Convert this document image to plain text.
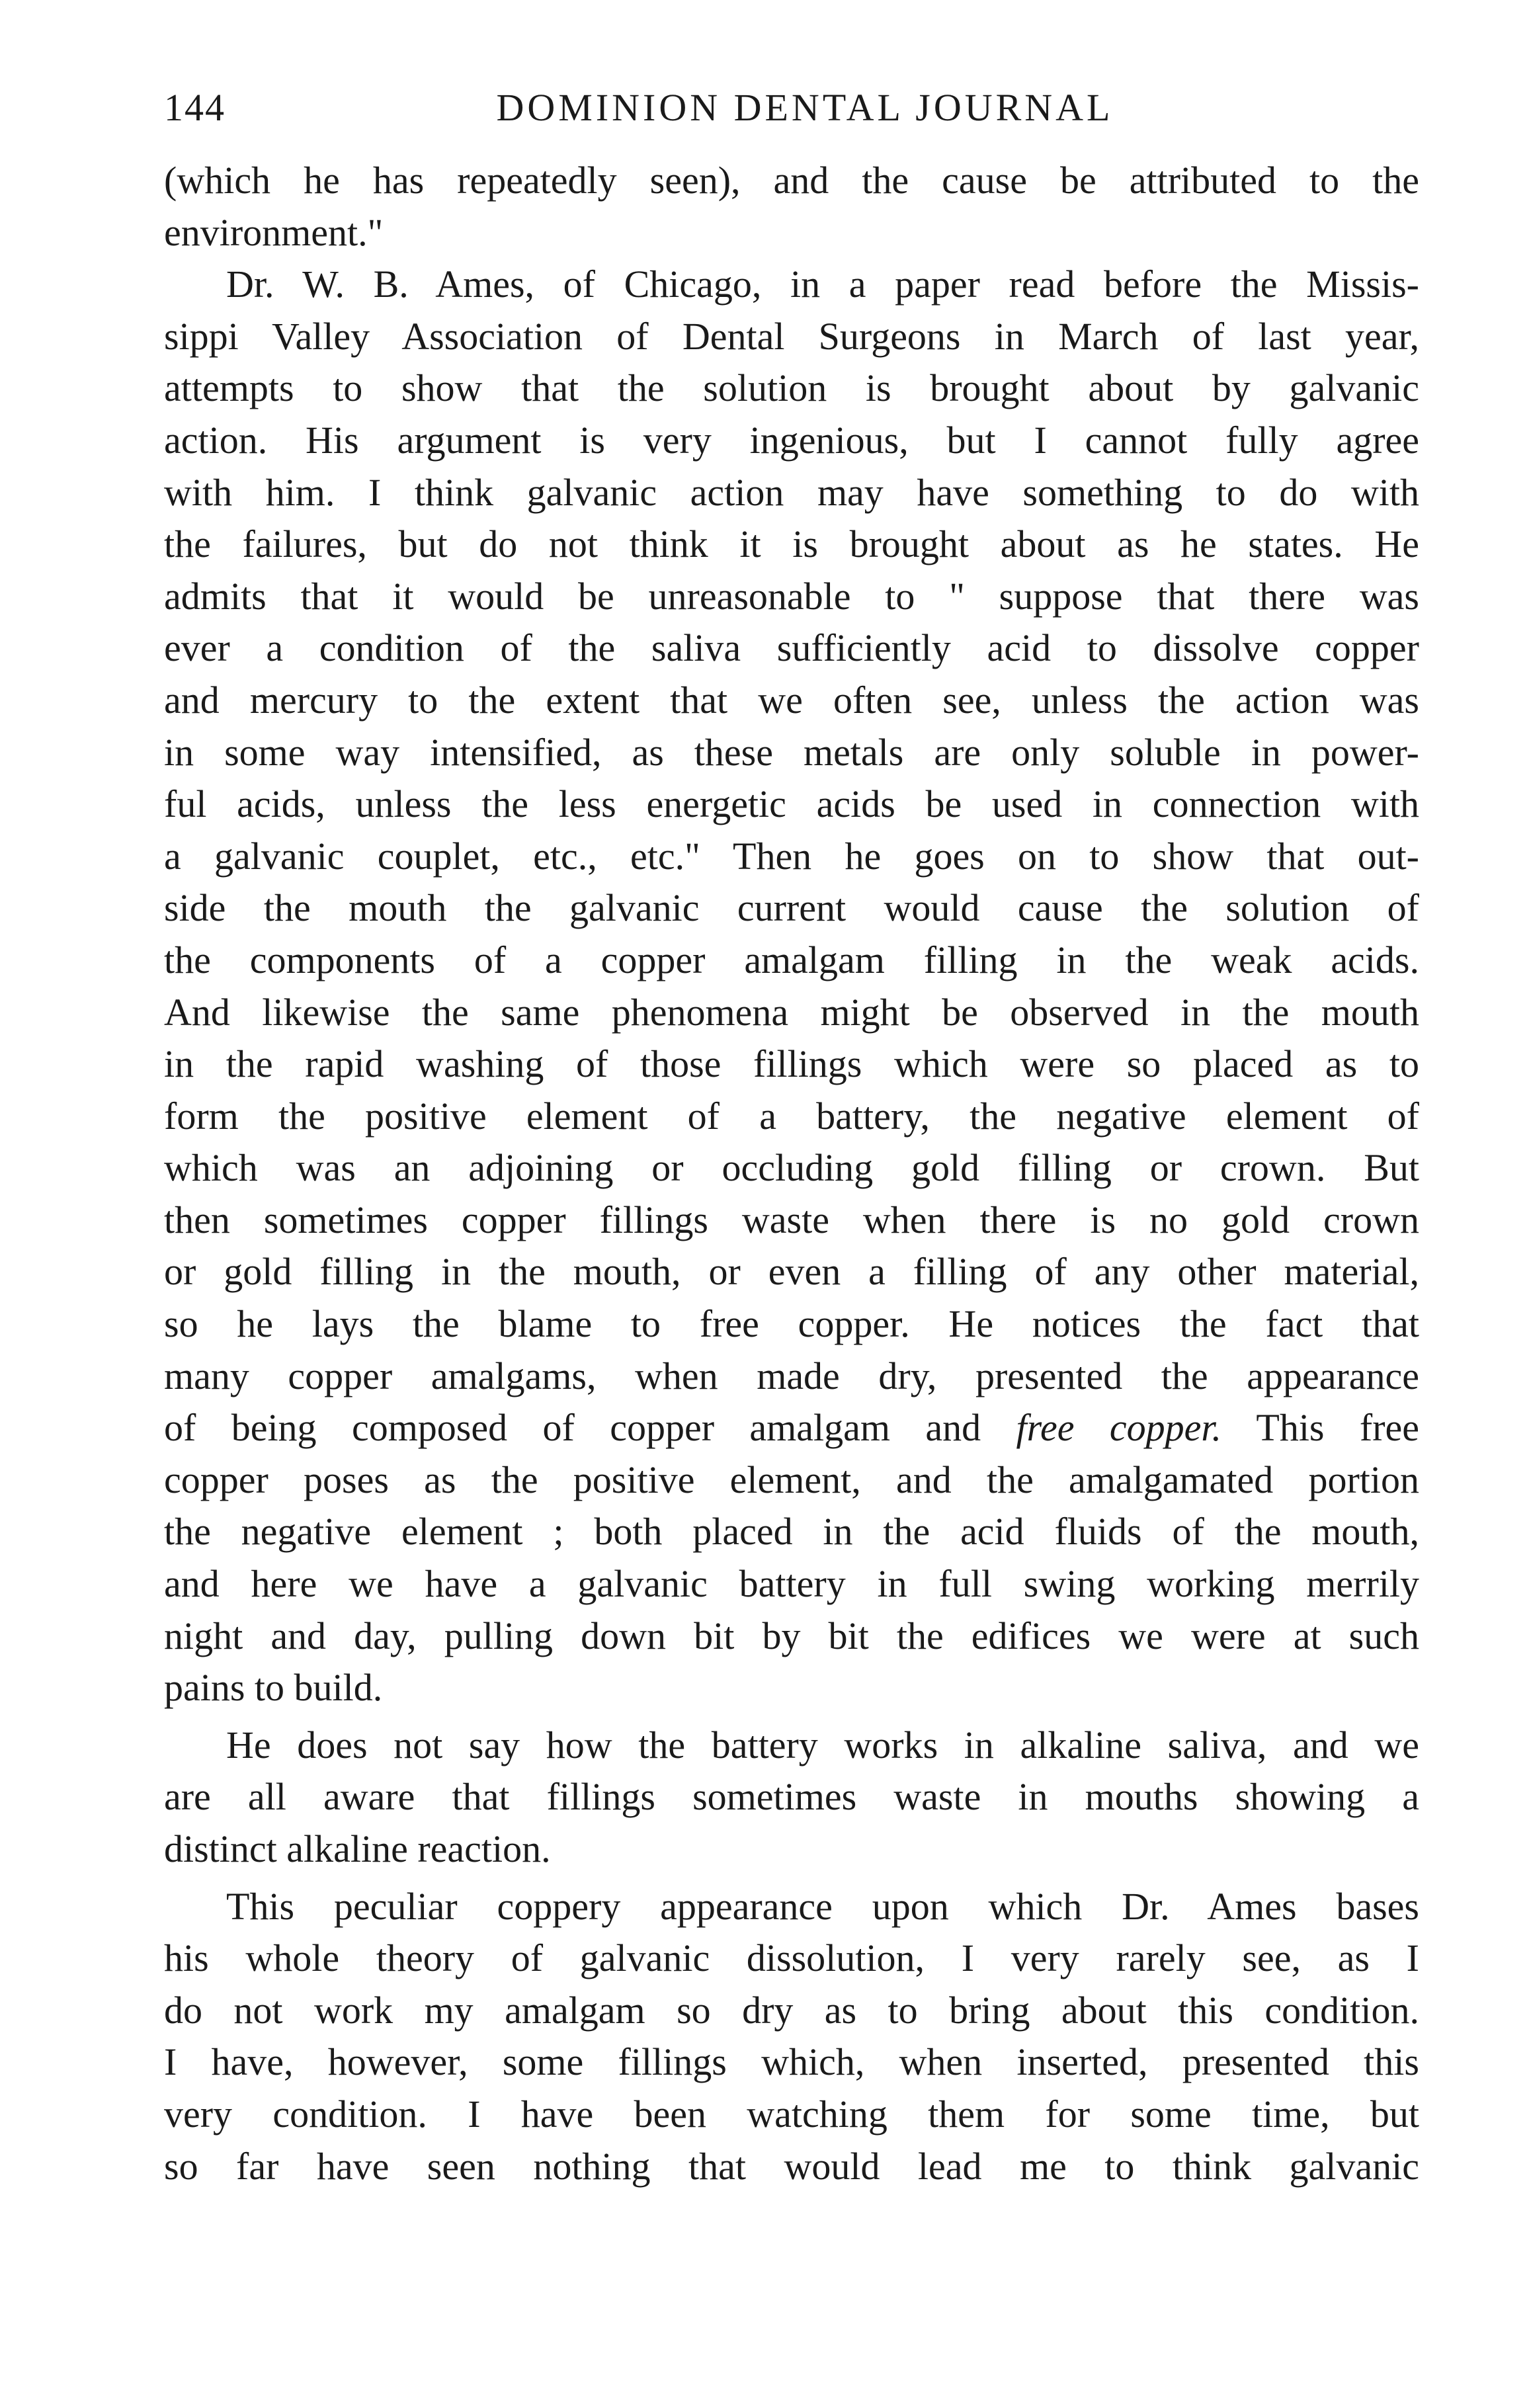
144	DOMINION DENTAL JOURNAL
(which he has repeatedly seen), and the cause be attributed to the
environment."
Dr. W. B. Ames, of Chicago, in a paper read before the Missis-
sippi Valley Association of Dental Surgeons in March of last year,
attempts to show that the solution is brought about by galvanic
action. His argument is very ingenious, but I cannot fully agree
with him. I think galvanic action may have something to do with
the failures, but do not think it is brought about as he states. He
admits that it would be unreasonable to " suppose that there was
ever a condition of the saliva sufficiently acid to dissolve copper
and mercury to the extent that we often see, unless the action was
in some way intensified, as these metals are only soluble in power-
ful acids, unless the less energetic acids be used in connection with
a galvanic couplet, etc., etc." Then he goes on to show that out-
side the mouth the galvanic current would cause the solution of
the components of a copper amalgam filling in the weak acids.
And likewise the same phenomena might be observed in the mouth
in the rapid washing of those fillings which were so placed as to
form the positive element of a battery, the negative element of
which was an adjoining or occluding gold filling or crown. But
then sometimes copper fillings waste when there is no gold crown
or gold filling in the mouth, or even a filling of any other material,
so he lays the blame to free copper. He notices the fact that
many copper amalgams, when made dry, presented the appearance
of being composed of copper amalgam and free copper. This free
copper poses as the positive element, and the amalgamated portion
the negative element ; both placed in the acid fluids of the mouth,
and here we have a galvanic battery in full swing working merrily
night and day, pulling down bit by bit the edifices we were at such
pains to build.
He does not say how the battery works in alkaline saliva, and we
are all aware that fillings sometimes waste in mouths showing a
distinct alkaline reaction.
This peculiar coppery appearance upon which Dr. Ames bases
his whole theory of galvanic dissolution, I very rarely see, as I
do not work my amalgam so dry as to bring about this condition.
I have, however, some fillings which, when inserted, presented this
very condition. I have been watching them for some time, but
so far have seen nothing that would lead me to think galvanic
